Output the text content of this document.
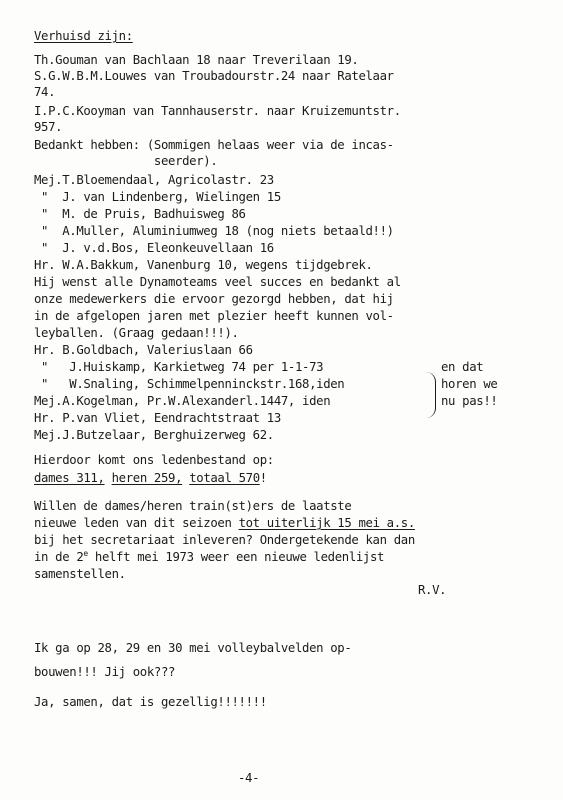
Verhuisd zijn:
Th.Gouman van Bachlaan 18 naar Treverilaan 19.
S.G.W.B.M.Louwes van Troubadourstr.24 naar Ratelaar
74.
I.P.C.Kooyman van Tannhauserstr. naar Kruizemuntstr.
957.
Bedankt hebben: (Sommigen helaas weer via de incas-
seerder).
Mej.T.Bloemendaal, Agricolastr. 23
"  J. van Lindenberg, Wielingen 15
"  M. de Pruis, Badhuisweg 86
"  A.Muller, Aluminiumweg 18 (nog niets betaald!!)
"  J. v.d.Bos, Eleonkeuvellaan 16
Hr. W.A.Bakkum, Vanenburg 10, wegens tijdgebrek.
Hij wenst alle Dynamoteams veel succes en bedankt al
onze medewerkers die ervoor gezorgd hebben, dat hij
in de afgelopen jaren met plezier heeft kunnen vol-
leyballen. (Graag gedaan!!!).
Hr. B.Goldbach, Valeriuslaan 66
"   J.Huiskamp, Karkietweg 74 per 1-1-73
"   W.Snaling, Schimmelpenninckstr.168,iden
Mej.A.Kogelman, Pr.W.Alexanderl.1447, iden
Hr. P.van Vliet, Eendrachtstraat 13
Mej.J.Butzelaar, Berghuizerweg 62.
en dat
horen we
nu pas!!
Hierdoor komt ons ledenbestand op:
dames 311, heren 259, totaal 570!
Willen de dames/heren train(st)ers de laatste
nieuwe leden van dit seizoen tot uiterlijk 15 mei a.s.
bij het secretariaat inleveren? Ondergetekende kan dan
in de 2e helft mei 1973 weer een nieuwe ledenlijst
samenstellen.
R.V.
Ik ga op 28, 29 en 30 mei volleybalvelden op-
bouwen!!! Jij ook???
Ja, samen, dat is gezellig!!!!!!!
-4-
